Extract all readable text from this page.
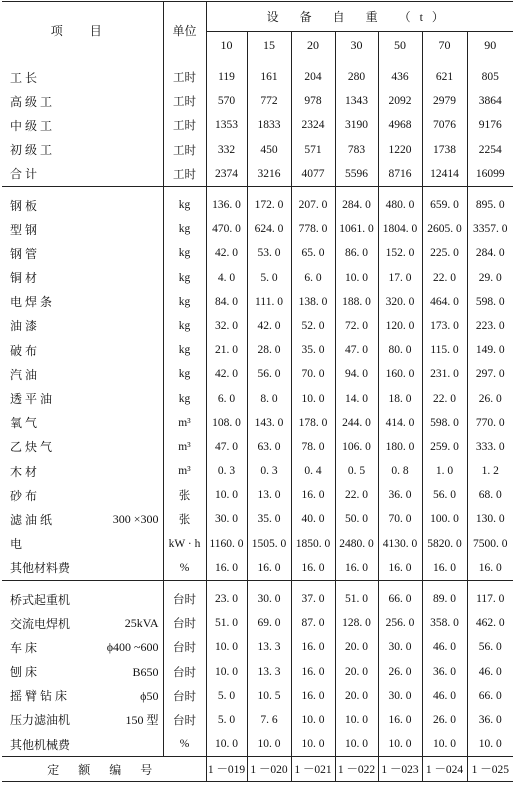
项 目	单位	设 备 自 重 （t）						
		10	15	20	30	50	70	90

工 长	工时	119	161	204	280	436	621	805
高 级 工	工时	570	772	978	1343	2092	2979	3864
中 级 工	工时	1353	1833	2324	3190	4968	7076	9176
初 级 工	工时	332	450	571	783	1220	1738	2254
合 计	工时	2374	3216	4077	5596	8716	12414	16099

钢 板	kg	136. 0	172. 0	207. 0	284. 0	480. 0	659. 0	895. 0
型 钢	kg	470. 0	624. 0	778. 0	1061. 0	1804. 0	2605. 0	3357. 0
钢 管	kg	42. 0	53. 0	65. 0	86. 0	152. 0	225. 0	284. 0
铜 材	kg	4. 0	5. 0	6. 0	10. 0	17. 0	22. 0	29. 0
电 焊 条	kg	84. 0	111. 0	138. 0	188. 0	320. 0	464. 0	598. 0
油 漆	kg	32. 0	42. 0	52. 0	72. 0	120. 0	173. 0	223. 0
破 布	kg	21. 0	28. 0	35. 0	47. 0	80. 0	115. 0	149. 0
汽 油	kg	42. 0	56. 0	70. 0	94. 0	160. 0	231. 0	297. 0
透 平 油	kg	6. 0	8. 0	10. 0	14. 0	18. 0	22. 0	26. 0
氧 气	m³	108. 0	143. 0	178. 0	244. 0	414. 0	598. 0	770. 0
乙 炔 气	m³	47. 0	63. 0	78. 0	106. 0	180. 0	259. 0	333. 0
木 材	m³	0. 3	0. 3	0. 4	0. 5	0. 8	1. 0	1. 2
砂 布	张	10. 0	13. 0	16. 0	22. 0	36. 0	56. 0	68. 0
滤 油 纸 300 ×300	张	30. 0	35. 0	40. 0	50. 0	70. 0	100. 0	130. 0
电	kW · h	1160. 0	1505. 0	1850. 0	2480. 0	4130. 0	5820. 0	7500. 0
其他材料费	%	16. 0	16. 0	16. 0	16. 0	16. 0	16. 0	16. 0

桥式起重机	台时	23. 0	30. 0	37. 0	51. 0	66. 0	89. 0	117. 0
交流电焊机 25kVA	台时	51. 0	69. 0	87. 0	128. 0	256. 0	358. 0	462. 0
车 床 ϕ400 ~600	台时	10. 0	13. 3	16. 0	20. 0	30. 0	46. 0	56. 0
刨 床 B650	台时	10. 0	13. 3	16. 0	20. 0	26. 0	36. 0	46. 0
摇 臂 钻 床 ϕ50	台时	5. 0	10. 5	16. 0	20. 0	30. 0	46. 0	66. 0
压力滤油机 150 型	台时	5. 0	7. 6	10. 0	10. 0	16. 0	26. 0	36. 0
其他机械费	%	10. 0	10. 0	10. 0	10. 0	10. 0	10. 0	10. 0
定 额 编 号		1 －019	1 －020	1 －021	1 －022	1 －023	1 －024	1 －025
